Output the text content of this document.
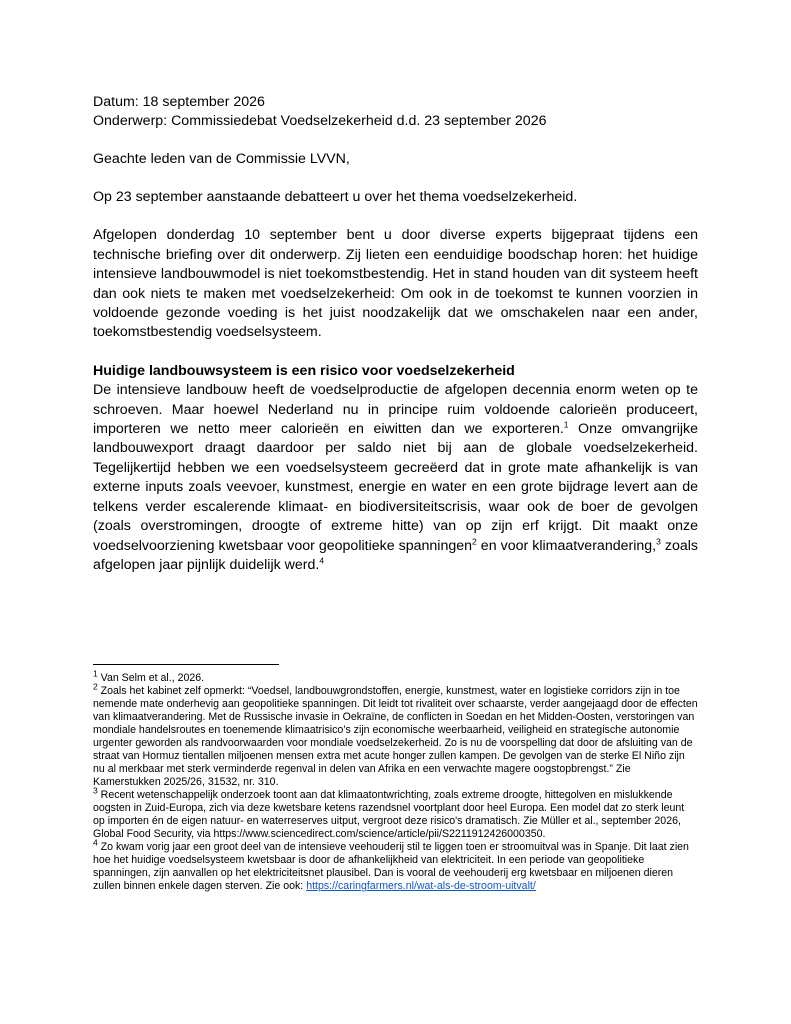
Datum: 18 september 2026

Onderwerp: Commissiedebat Voedselzekerheid d.d. 23 september 2026

Geachte leden van de Commissie LVVN,

Op 23 september aanstaande debatteert u over het thema voedselzekerheid.

Afgelopen donderdag 10 september bent u door diverse experts bijgepraat tijdens een technische briefing over dit onderwerp. Zij lieten een eenduidige boodschap horen: het huidige intensieve landbouwmodel is niet toekomstbestendig. Het in stand houden van dit systeem heeft dan ook niets te maken met voedselzekerheid: Om ook in de toekomst te kunnen voorzien in voldoende gezonde voeding is het juist noodzakelijk dat we omschakelen naar een ander, toekomstbestendig voedselsysteem.

Huidige landbouwsysteem is een risico voor voedselzekerheid

De intensieve landbouw heeft de voedselproductie de afgelopen decennia enorm weten op te schroeven. Maar hoewel Nederland nu in principe ruim voldoende calorieën produceert, importeren we netto meer calorieën en eiwitten dan we exporteren.$^1$ Onze omvangrijke landbouwexport draagt daardoor per saldo niet bij aan de globale voedselzekerheid. Tegelijkertijd hebben we een voedselsysteem gecreëerd dat in grote mate afhankelijk is van externe inputs zoals veevoer, kunstmest, energie en water en een grote bijdrage levert aan de telkens verder escalerende klimaat- en biodiversiteitscrisis, waar ook de boer de gevolgen (zoals overstromingen, droogte of extreme hitte) van op zijn erf krijgt. Dit maakt onze voedselvoorziening kwetsbaar voor geopolitieke spanningen$^2$ en voor klimaatverandering,$^3$ zoals afgelopen jaar pijnlijk duidelijk werd.$^4$

$^1$ Van Selm et al., 2026.

$^2$ Zoals het kabinet zelf opmerkt: “Voedsel, landbouwgrondstoffen, energie, kunstmest, water en logistieke corridors zijn in toe nemende mate onderhevig aan geopolitieke spanningen. Dit leidt tot rivaliteit over schaarste, verder aangejaagd door de effecten van klimaatverandering. Met de Russische invasie in Oekraïne, de conflicten in Soedan en het Midden-Oosten, verstoringen van mondiale handelsroutes en toenemende klimaatrisico’s zijn economische weerbaarheid, veiligheid en strategische autonomie urgenter geworden als randvoorwaarden voor mondiale voedselzekerheid. Zo is nu de voorspelling dat door de afsluiting van de straat van Hormuz tientallen miljoenen mensen extra met acute honger zullen kampen. De gevolgen van de sterke El Niño zijn nu al merkbaar met sterk verminderde regenval in delen van Afrika en een verwachte magere oogstopbrengst.” Zie Kamerstukken 2025/26, 31532, nr. 310.

$^3$ Recent wetenschappelijk onderzoek toont aan dat klimaatontwrichting, zoals extreme droogte, hittegolven en mislukkende oogsten in Zuid-Europa, zich via deze kwetsbare ketens razendsnel voortplant door heel Europa. Een model dat zo sterk leunt op importen én de eigen natuur- en waterreserves uitput, vergroot deze risico's dramatisch. Zie Müller et al., september 2026, Global Food Security, via https://www.sciencedirect.com/science/article/pii/S2211912426000350.

$^4$ Zo kwam vorig jaar een groot deel van de intensieve veehouderij stil te liggen toen er stroomuitval was in Spanje. Dit laat zien hoe het huidige voedselsysteem kwetsbaar is door de afhankelijkheid van elektriciteit. In een periode van geopolitieke spanningen, zijn aanvallen op het elektriciteitsnet plausibel. Dan is vooral de veehouderij erg kwetsbaar en miljoenen dieren zullen binnen enkele dagen sterven. Zie ook: https://caringfarmers.nl/wat-als-de-stroom-uitvalt/
